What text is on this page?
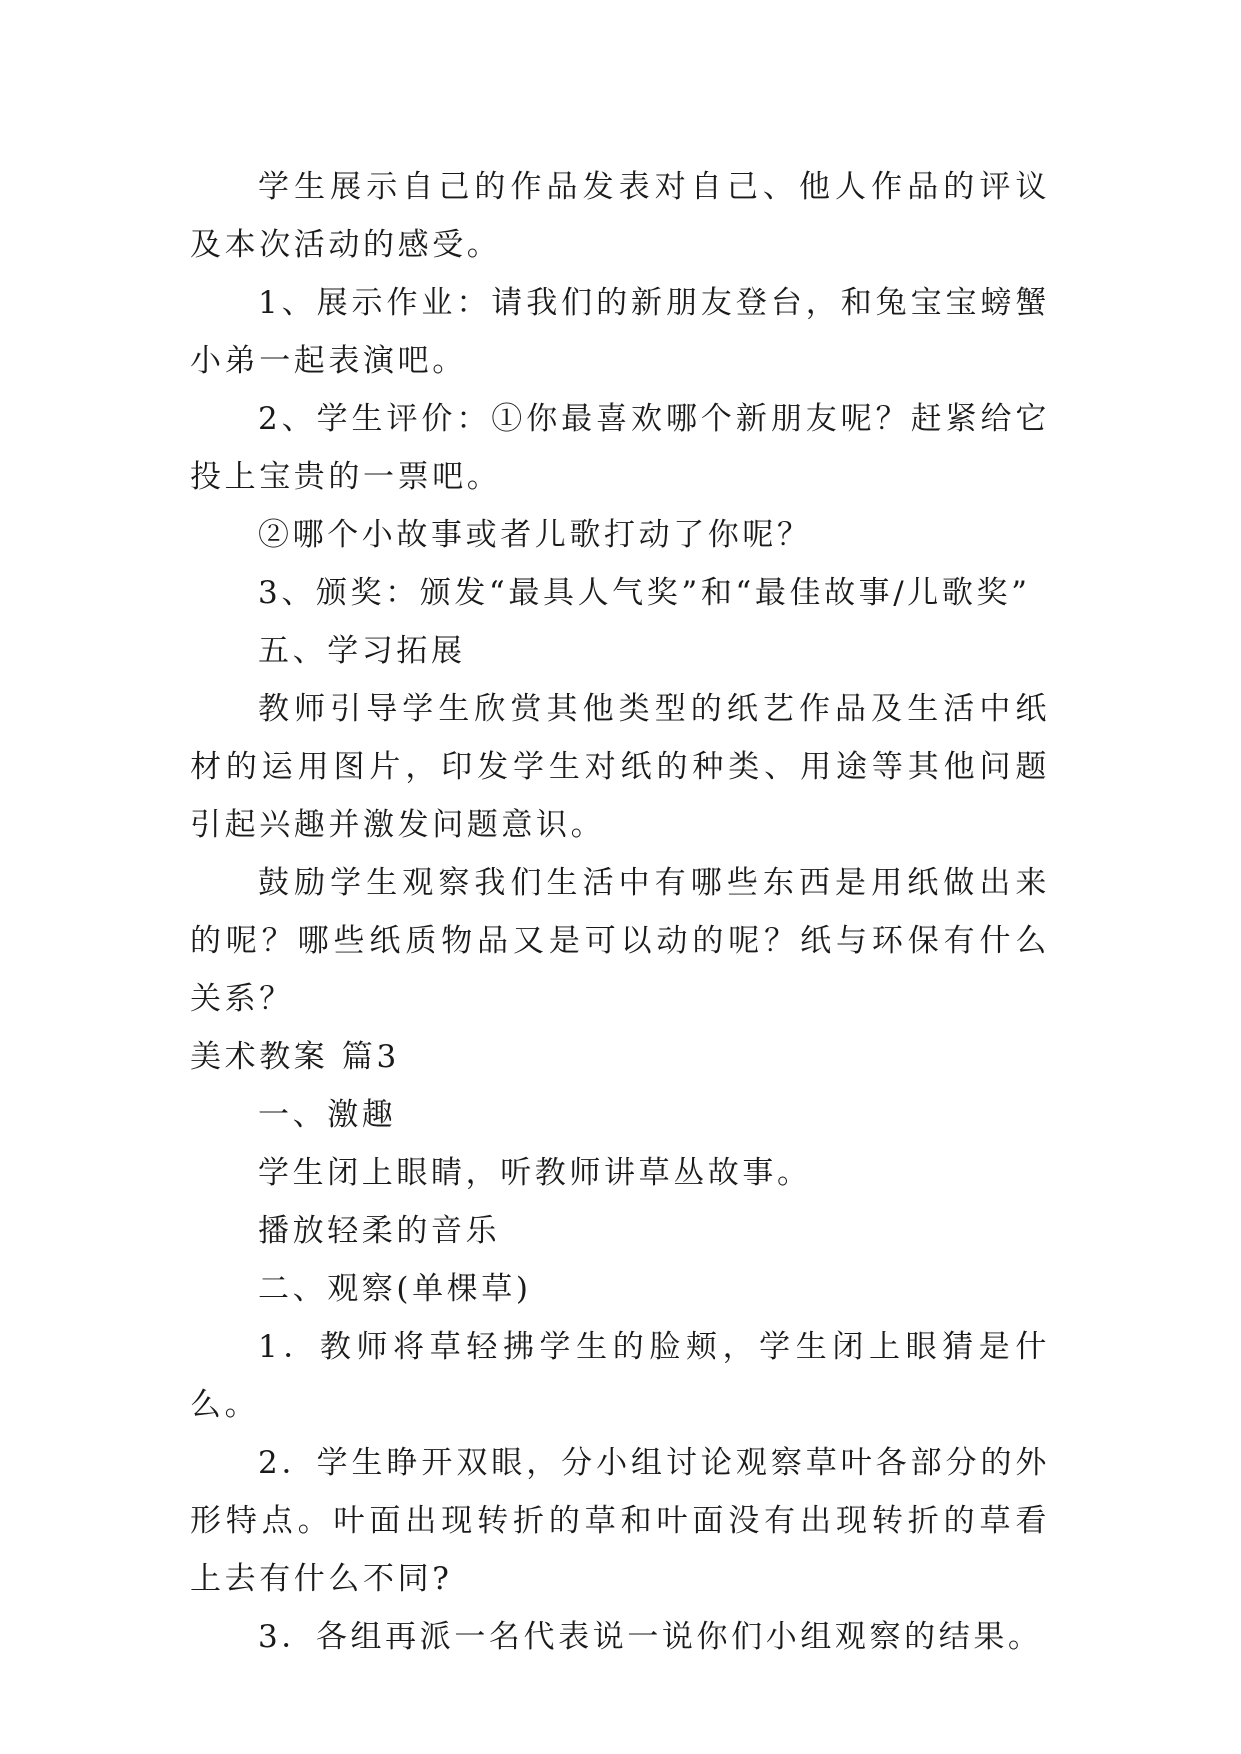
学生展示自己的作品发表对自己、他人作品的评议及本次活动的感受。

1、展示作业：请我们的新朋友登台，和兔宝宝螃蟹小弟一起表演吧。

2、学生评价：①你最喜欢哪个新朋友呢？赶紧给它投上宝贵的一票吧。

②哪个小故事或者儿歌打动了你呢？

3、颁奖：颁发“最具人气奖”和“最佳故事/儿歌奖”

五、学习拓展

教师引导学生欣赏其他类型的纸艺作品及生活中纸材的运用图片，印发学生对纸的种类、用途等其他问题引起兴趣并激发问题意识。

鼓励学生观察我们生活中有哪些东西是用纸做出来的呢？哪些纸质物品又是可以动的呢？纸与环保有什么关系？

美术教案 篇3

一、激趣

学生闭上眼睛，听教师讲草丛故事。

播放轻柔的音乐

二、观察(单棵草)

1．教师将草轻拂学生的脸颊，学生闭上眼猜是什么。

2．学生睁开双眼，分小组讨论观察草叶各部分的外形特点。叶面出现转折的草和叶面没有出现转折的草看上去有什么不同?

3．各组再派一名代表说一说你们小组观察的结果。
